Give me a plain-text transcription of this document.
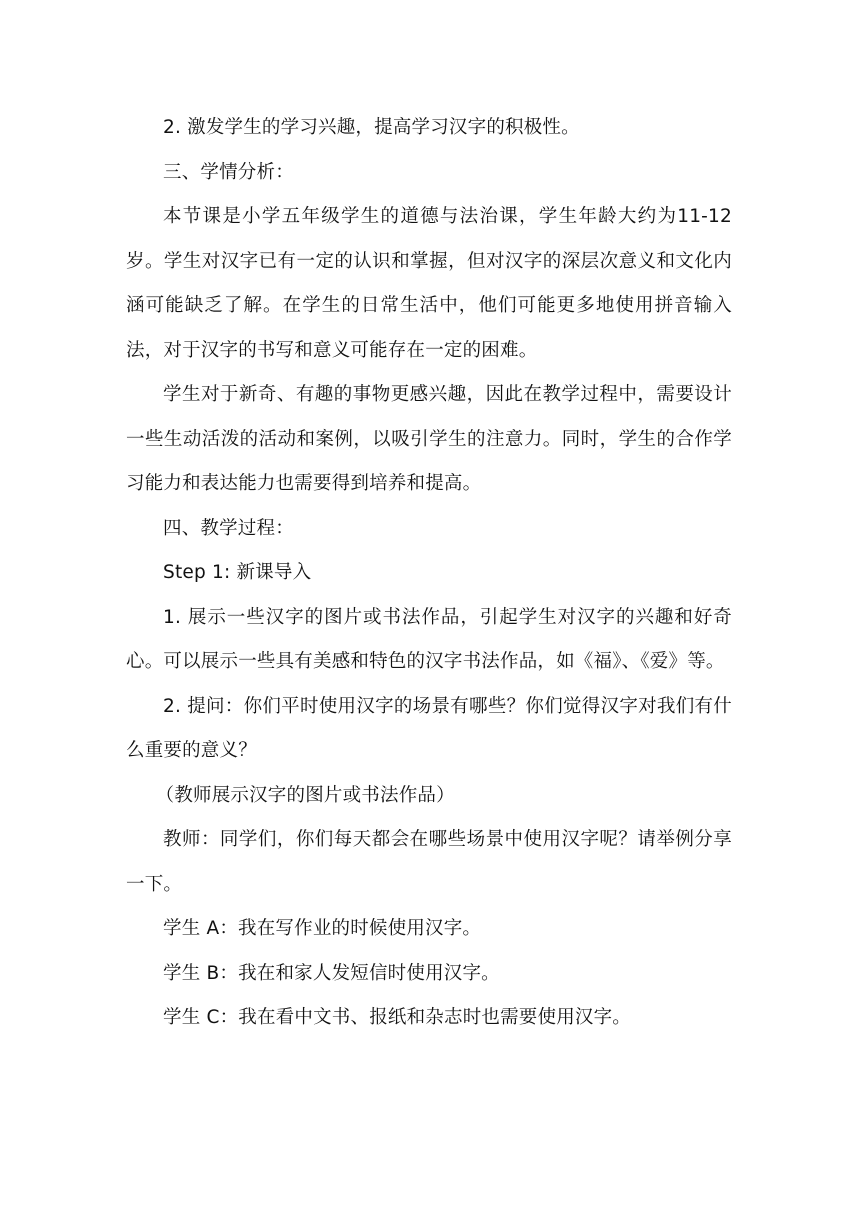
2. 激发学生的学习兴趣，提高学习汉字的积极性。

三、学情分析：

本节课是小学五年级学生的道德与法治课，学生年龄大约为11-12 岁。学生对汉字已有一定的认识和掌握，但对汉字的深层次意义和文化内涵可能缺乏了解。在学生的日常生活中，他们可能更多地使用拼音输入法，对于汉字的书写和意义可能存在一定的困难。

学生对于新奇、有趣的事物更感兴趣，因此在教学过程中，需要设计一些生动活泼的活动和案例，以吸引学生的注意力。同时，学生的合作学习能力和表达能力也需要得到培养和提高。

四、教学过程：

Step 1: 新课导入

1. 展示一些汉字的图片或书法作品，引起学生对汉字的兴趣和好奇心。可以展示一些具有美感和特色的汉字书法作品，如《福》、《爱》等。

2. 提问：你们平时使用汉字的场景有哪些？你们觉得汉字对我们有什么重要的意义？

（教师展示汉字的图片或书法作品）

教师：同学们，你们每天都会在哪些场景中使用汉字呢？请举例分享一下。

学生 A：我在写作业的时候使用汉字。

学生 B：我在和家人发短信时使用汉字。

学生 C：我在看中文书、报纸和杂志时也需要使用汉字。
